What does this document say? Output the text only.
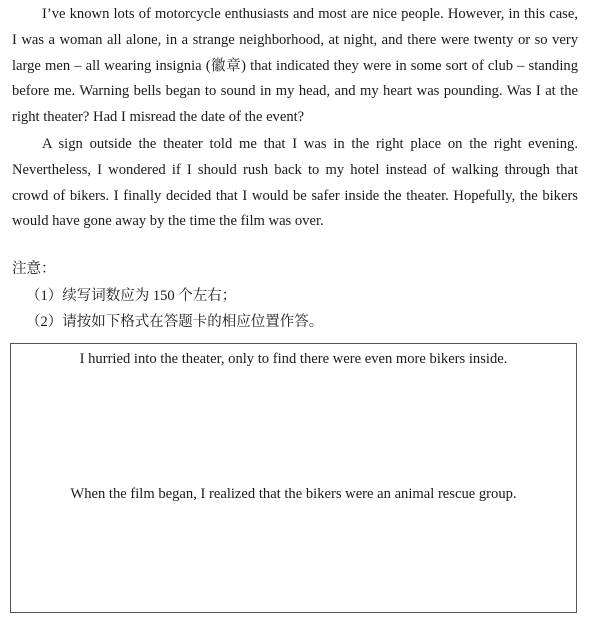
I’ve known lots of motorcycle enthusiasts and most are nice people. However, in this case, I was a woman all alone, in a strange neighborhood, at night, and there were twenty or so very large men – all wearing insignia (徽章) that indicated they were in some sort of club – standing before me. Warning bells began to sound in my head, and my heart was pounding. Was I at the right theater? Had I misread the date of the event?

A sign outside the theater told me that I was in the right place on the right evening. Nevertheless, I wondered if I should rush back to my hotel instead of walking through that crowd of bikers. I finally decided that I would be safer inside the theater. Hopefully, the bikers would have gone away by the time the film was over.

注意：
（1）续写词数应为 150 个左右；
（2）请按如下格式在答题卡的相应位置作答。
I hurried into the theater, only to find there were even more bikers inside.
When the film began, I realized that the bikers were an animal rescue group.
